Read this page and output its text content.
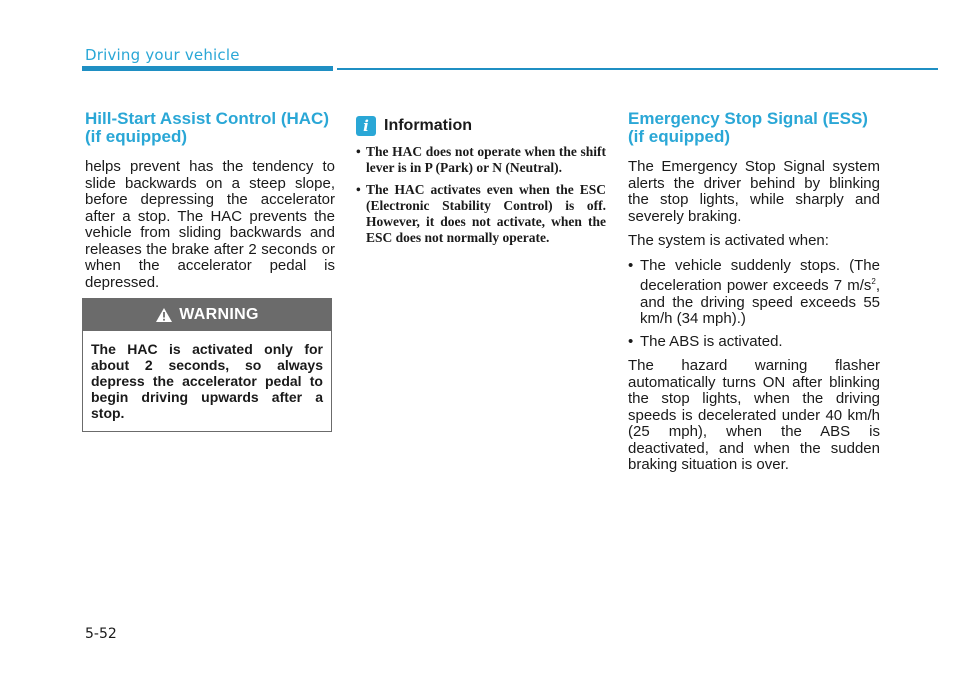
Driving your vehicle
Hill-Start Assist Control (HAC)
(if equipped)

helps prevent has the tendency to slide backwards on a steep slope, before depressing the accelerator after a stop. The HAC prevents the vehicle from sliding backwards and releases the brake after 2 seconds or when the accelerator pedal is depressed.

WARNING
The HAC is activated only for about 2 seconds, so always depress the accelerator pedal to begin driving upwards after a stop.
i Information
• The HAC does not operate when the shift lever is in P (Park) or N (Neutral).
• The HAC activates even when the ESC (Electronic Stability Control) is off. However, it does not activate, when the ESC does not normally operate.
Emergency Stop Signal (ESS)
(if equipped)

The Emergency Stop Signal system alerts the driver behind by blinking the stop lights, while sharply and severely braking.

The system is activated when:

• The vehicle suddenly stops. (The deceleration power exceeds 7 $m/s^2$, and the driving speed exceeds 55 km/h (34 mph).)
• The ABS is activated.

The hazard warning flasher automatically turns ON after blinking the stop lights, when the driving speeds is decelerated under 40 km/h (25 mph), when the ABS is deactivated, and when the sudden braking situation is over.

5-52
